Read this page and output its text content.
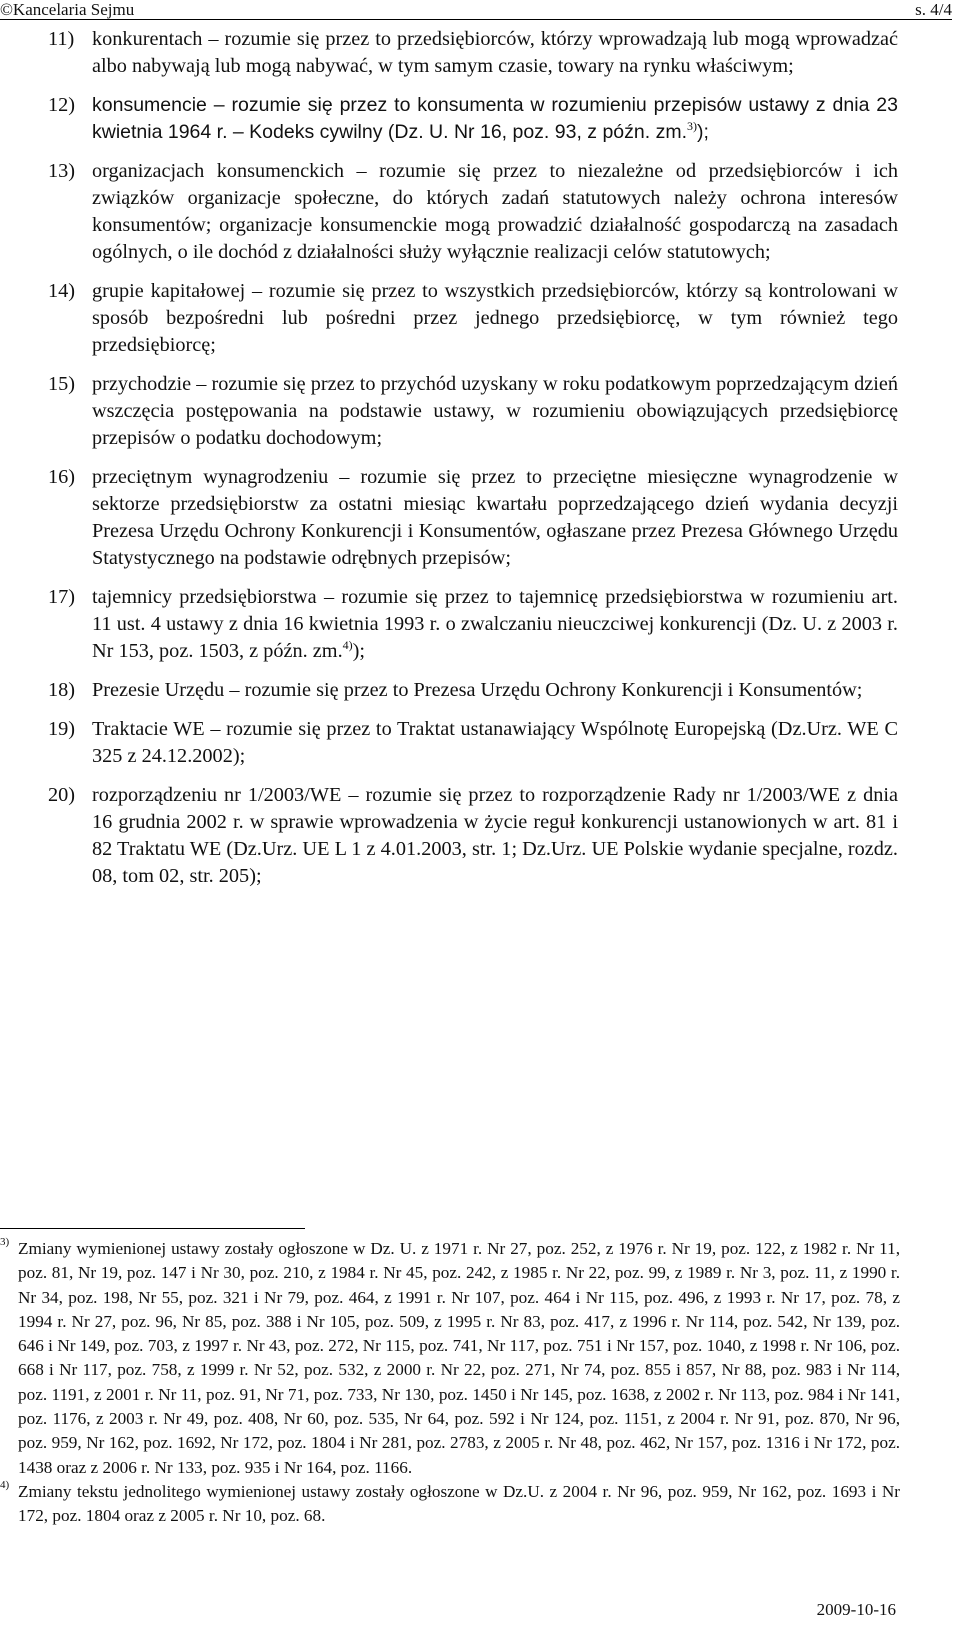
©Kancelaria Sejmu	s. 4/4
11) konkurentach – rozumie się przez to przedsiębiorców, którzy wprowadzają lub mogą wprowadzać albo nabywają lub mogą nabywać, w tym samym czasie, towary na rynku właściwym;
12) konsumencie – rozumie się przez to konsumenta w rozumieniu przepisów ustawy z dnia 23 kwietnia 1964 r. – Kodeks cywilny (Dz. U. Nr 16, poz. 93, z późn. zm.$^{3)}$);
13) organizacjach konsumenckich – rozumie się przez to niezależne od przedsiębiorców i ich związków organizacje społeczne, do których zadań statutowych należy ochrona interesów konsumentów; organizacje konsumenckie mogą prowadzić działalność gospodarczą na zasadach ogólnych, o ile dochód z działalności służy wyłącznie realizacji celów statutowych;
14) grupie kapitałowej – rozumie się przez to wszystkich przedsiębiorców, którzy są kontrolowani w sposób bezpośredni lub pośredni przez jednego przedsiębiorcę, w tym również tego przedsiębiorcę;
15) przychodzie – rozumie się przez to przychód uzyskany w roku podatkowym poprzedzającym dzień wszczęcia postępowania na podstawie ustawy, w rozumieniu obowiązujących przedsiębiorcę przepisów o podatku dochodowym;
16) przeciętnym wynagrodzeniu – rozumie się przez to przeciętne miesięczne wynagrodzenie w sektorze przedsiębiorstw za ostatni miesiąc kwartału poprzedzającego dzień wydania decyzji Prezesa Urzędu Ochrony Konkurencji i Konsumentów, ogłaszane przez Prezesa Głównego Urzędu Statystycznego na podstawie odrębnych przepisów;
17) tajemnicy przedsiębiorstwa – rozumie się przez to tajemnicę przedsiębiorstwa w rozumieniu art. 11 ust. 4 ustawy z dnia 16 kwietnia 1993 r. o zwalczaniu nieuczciwej konkurencji (Dz. U. z 2003 r. Nr 153, poz. 1503, z późn. zm.$^{4)}$);
18) Prezesie Urzędu – rozumie się przez to Prezesa Urzędu Ochrony Konkurencji i Konsumentów;
19) Traktacie WE – rozumie się przez to Traktat ustanawiający Wspólnotę Europejską (Dz.Urz. WE C 325 z 24.12.2002);
20) rozporządzeniu nr 1/2003/WE – rozumie się przez to rozporządzenie Rady nr 1/2003/WE z dnia 16 grudnia 2002 r. w sprawie wprowadzenia w życie reguł konkurencji ustanowionych w art. 81 i 82 Traktatu WE (Dz.Urz. UE L 1 z 4.01.2003, str. 1; Dz.Urz. UE Polskie wydanie specjalne, rozdz. 08, tom 02, str. 205);

3) Zmiany wymienionej ustawy zostały ogłoszone w Dz. U. z 1971 r. Nr 27, poz. 252, z 1976 r. Nr 19, poz. 122, z 1982 r. Nr 11, poz. 81, Nr 19, poz. 147 i Nr 30, poz. 210, z 1984 r. Nr 45, poz. 242, z 1985 r. Nr 22, poz. 99, z 1989 r. Nr 3, poz. 11, z 1990 r. Nr 34, poz. 198, Nr 55, poz. 321 i Nr 79, poz. 464, z 1991 r. Nr 107, poz. 464 i Nr 115, poz. 496, z 1993 r. Nr 17, poz. 78, z 1994 r. Nr 27, poz. 96, Nr 85, poz. 388 i Nr 105, poz. 509, z 1995 r. Nr 83, poz. 417, z 1996 r. Nr 114, poz. 542, Nr 139, poz. 646 i Nr 149, poz. 703, z 1997 r. Nr 43, poz. 272, Nr 115, poz. 741, Nr 117, poz. 751 i Nr 157, poz. 1040, z 1998 r. Nr 106, poz. 668 i Nr 117, poz. 758, z 1999 r. Nr 52, poz. 532, z 2000 r. Nr 22, poz. 271, Nr 74, poz. 855 i 857, Nr 88, poz. 983 i Nr 114, poz. 1191, z 2001 r. Nr 11, poz. 91, Nr 71, poz. 733, Nr 130, poz. 1450 i Nr 145, poz. 1638, z 2002 r. Nr 113, poz. 984 i Nr 141, poz. 1176, z 2003 r. Nr 49, poz. 408, Nr 60, poz. 535, Nr 64, poz. 592 i Nr 124, poz. 1151, z 2004 r. Nr 91, poz. 870, Nr 96, poz. 959, Nr 162, poz. 1692, Nr 172, poz. 1804 i Nr 281, poz. 2783, z 2005 r. Nr 48, poz. 462, Nr 157, poz. 1316 i Nr 172, poz. 1438 oraz z 2006 r. Nr 133, poz. 935 i Nr 164, poz. 1166.

4) Zmiany tekstu jednolitego wymienionej ustawy zostały ogłoszone w Dz.U. z 2004 r. Nr 96, poz. 959, Nr 162, poz. 1693 i Nr 172, poz. 1804 oraz z 2005 r. Nr 10, poz. 68.

2009-10-16
